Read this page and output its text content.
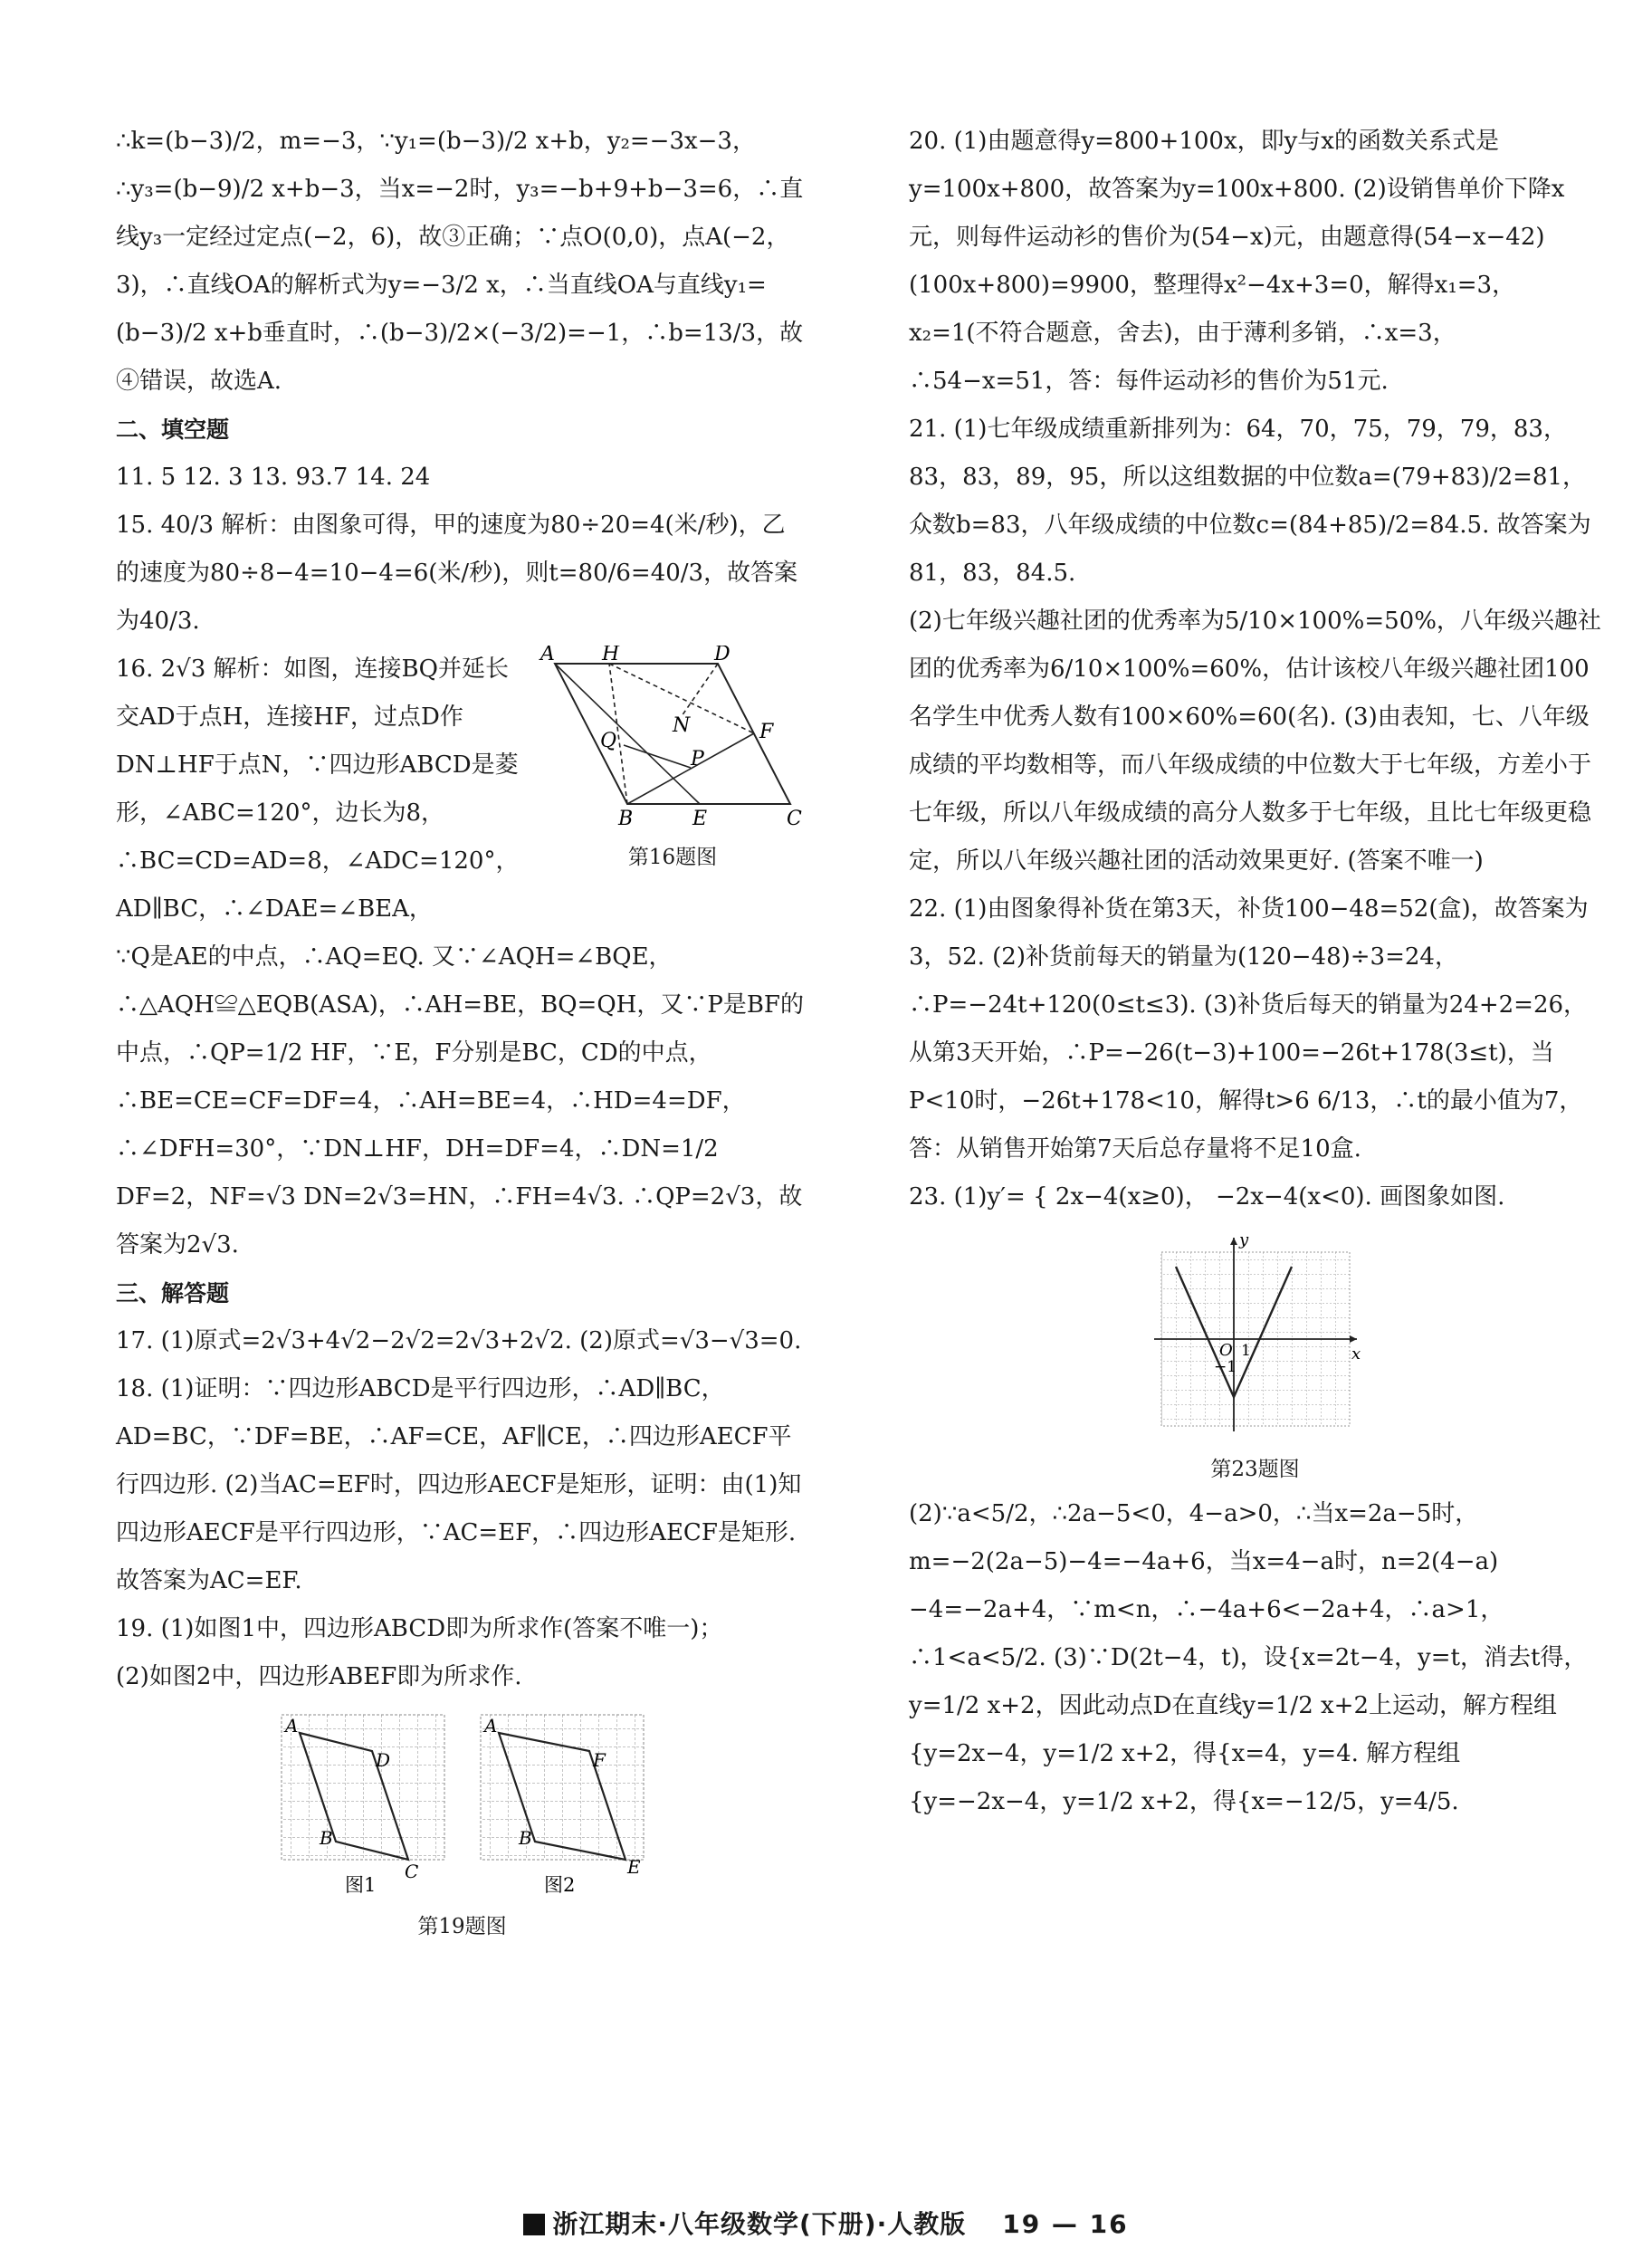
∴k=(b−3)/2，m=−3，∵y₁=(b−3)/2 x+b，y₂=−3x−3，∴y₃=(b−9)/2 x+b−3，当x=−2时，y₃=−b+9+b−3=6，∴直线y₃一定经过定点(−2，6)，故③正确；∵点O(0,0)，点A(−2，3)，∴直线OA的解析式为y=−3/2 x，∴当直线OA与直线y₁=(b−3)/2 x+b垂直时，∴(b−3)/2×(−3/2)=−1，∴b=13/3，故④错误，故选A.

二、填空题

11. 5 12. 3 13. 93.7 14. 24

15. 40/3 解析：由图象可得，甲的速度为80÷20=4(米/秒)，乙的速度为80÷8−4=10−4=6(米/秒)，则t=80/6=40/3，故答案为40/3.

A H	D
N
Q	F
P
B	E	C
第16题图

16. 2√3 解析：如图，连接BQ并延长交AD于点H，连接HF，过点D作DN⊥HF于点N，∵四边形ABCD是菱形，∠ABC=120°，边长为8，∴BC=CD=AD=8，∠ADC=120°，AD∥BC，∴∠DAE=∠BEA，

∵Q是AE的中点，∴AQ=EQ. 又∵∠AQH=∠BQE，∴△AQH≌△EQB(ASA)，∴AH=BE，BQ=QH，又∵P是BF的中点，∴QP=1/2 HF，∵E，F分别是BC，CD的中点，∴BE=CE=CF=DF=4，∴AH=BE=4，∴HD=4=DF，∴∠DFH=30°，∵DN⊥HF，DH=DF=4，∴DN=1/2 DF=2，NF=√3 DN=2√3=HN，∴FH=4√3. ∴QP=2√3，故答案为2√3.

三、解答题

17. (1)原式=2√3+4√2−2√2=2√3+2√2. (2)原式=√3−√3=0.

18. (1)证明：∵四边形ABCD是平行四边形，∴AD∥BC，AD=BC，∵DF=BE，∴AF=CE，AF∥CE，∴四边形AECF平行四边形. (2)当AC=EF时，四边形AECF是矩形，证明：由(1)知四边形AECF是平行四边形，∵AC=EF，∴四边形AECF是矩形. 故答案为AC=EF.

19. (1)如图1中，四边形ABCD即为所求作(答案不唯一)；

(2)如图2中，四边形ABEF即为所求作.

A
D
B
C
A
F
B
E
图1	图2
第19题图

20. (1)由题意得y=800+100x，即y与x的函数关系式是y=100x+800，故答案为y=100x+800. (2)设销售单价下降x元，则每件运动衫的售价为(54−x)元，由题意得(54−x−42)(100x+800)=9900，整理得x²−4x+3=0，解得x₁=3，x₂=1(不符合题意，舍去)，由于薄利多销，∴x=3，∴54−x=51，答：每件运动衫的售价为51元.

21. (1)七年级成绩重新排列为：64，70，75，79，79，83，83，83，89，95，所以这组数据的中位数a=(79+83)/2=81，众数b=83，八年级成绩的中位数c=(84+85)/2=84.5. 故答案为81，83，84.5.

(2)七年级兴趣社团的优秀率为5/10×100%=50%，八年级兴趣社团的优秀率为6/10×100%=60%，估计该校八年级兴趣社团100名学生中优秀人数有100×60%=60(名). (3)由表知，七、八年级成绩的平均数相等，而八年级成绩的中位数大于七年级，方差小于七年级，所以八年级成绩的高分人数多于七年级，且比七年级更稳定，所以八年级兴趣社团的活动效果更好. (答案不唯一)

22. (1)由图象得补货在第3天，补货100−48=52(盒)，故答案为3，52. (2)补货前每天的销量为(120−48)÷3=24，∴P=−24t+120(0≤t≤3). (3)补货后每天的销量为24+2=26，从第3天开始，∴P=−26(t−3)+100=−26t+178(3≤t)，当P<10时，−26t+178<10，解得t>6 6/13，∴t的最小值为7，答：从销售开始第7天后总存量将不足10盒.

23. (1)y′= { 2x−4(x≥0)， −2x−4(x<0). 画图象如图.

y
x
O 1
−1
第23题图

(2)∵a<5/2，∴2a−5<0，4−a>0，∴当x=2a−5时，m=−2(2a−5)−4=−4a+6，当x=4−a时，n=2(4−a)−4=−2a+4，∵m<n，∴−4a+6<−2a+4，∴a>1，∴1<a<5/2. (3)∵D(2t−4，t)，设{x=2t−4，y=t，消去t得，y=1/2 x+2，因此动点D在直线y=1/2 x+2上运动，解方程组{y=2x−4，y=1/2 x+2，得{x=4，y=4. 解方程组{y=−2x−4，y=1/2 x+2，得{x=−12/5，y=4/5.

浙江期末·八年级数学(下册)·人教版 19 — 16
